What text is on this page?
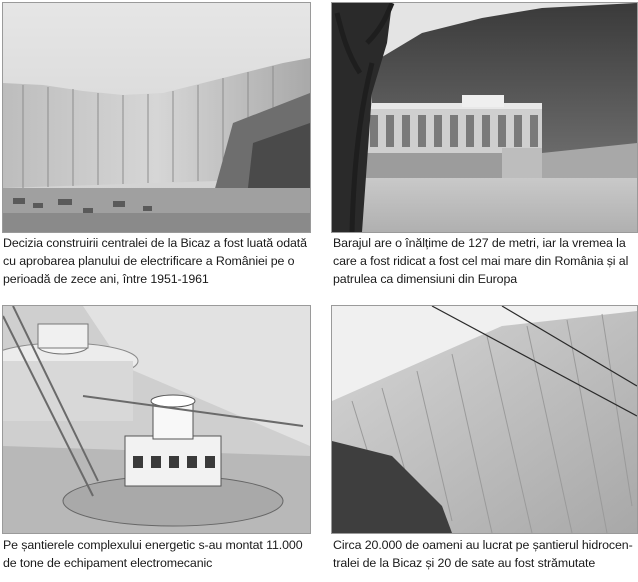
Decizia construirii centralei de la Bicaz a fost luată odată
cu aprobarea planului de electrificare a României pe o
perioadă de zece ani, între 1951-1961
Barajul are o înălțime de 127 de metri, iar la vremea la
care a fost ridicat a fost cel mai mare din România și al
patrulea ca dimensiuni din Europa
Pe șantierele complexului energetic s-au montat 11.000
de tone de echipament electromecanic
Circa 20.000 de oameni au lucrat pe șantierul hidrocen-
tralei de la Bicaz și 20 de sate au fost strămutate
